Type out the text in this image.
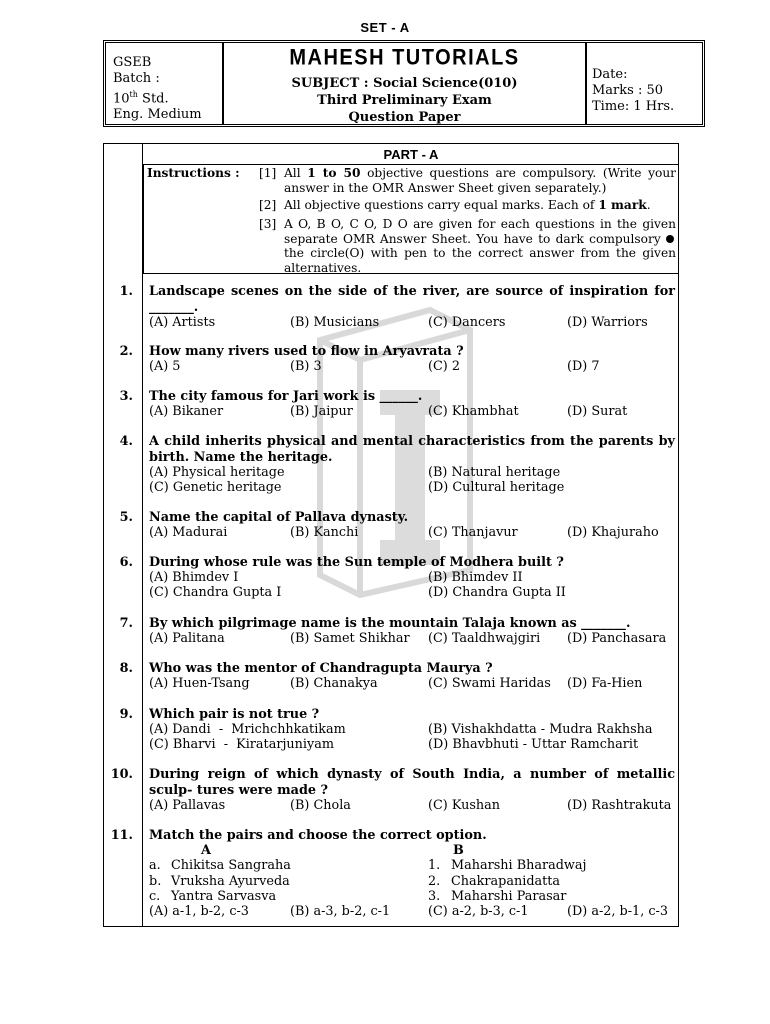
SET - A
GSEB
Batch :
10th Std.
Eng. Medium
MAHESH TUTORIALS
SUBJECT : Social Science(010)
Third Preliminary Exam
Question Paper
Date:
Marks : 50
Time: 1 Hrs.
PART - A
Instructions : [1] All 1 to 50 objective questions are compulsory. (Write your answer in the OMR Answer Sheet given separately.)
[2] All objective questions carry equal marks. Each of 1 mark.
[3] A O, B O, C O, D O are given for each questions in the given separate OMR Answer Sheet. You have to dark compulsory  the circle(O) with pen to the correct answer from the given alternatives.
1. Landscape scenes on the side of the river, are source of inspiration for _______.
(A) Artists	(B) Musicians	(C) Dancers	(D) Warriors
2. How many rivers used to flow in Aryavrata ?
(A) 5	(B) 3	(C) 2	(D) 7
3. The city famous for Jari work is ______.
(A) Bikaner	(B) Jaipur	(C) Khambhat	(D) Surat
4. A child inherits physical and mental characteristics from the parents by birth. Name the heritage.
(A) Physical heritage	(B) Natural heritage
(C) Genetic heritage	(D) Cultural heritage
5. Name the capital of Pallava dynasty.
(A) Madurai	(B) Kanchi	(C) Thanjavur	(D) Khajuraho
6. During whose rule was the Sun temple of Modhera built ?
(A) Bhimdev I	(B) Bhimdev II
(C) Chandra Gupta I	(D) Chandra Gupta II
7. By which pilgrimage name is the mountain Talaja known as _______.
(A) Palitana	(B) Samet Shikhar (C) Taaldhwajgiri (D) Panchasara
8. Who was the mentor of Chandragupta Maurya ?
(A) Huen-Tsang	(B) Chanakya	(C) Swami Haridas (D) Fa-Hien
9. Which pair is not true ?
(A) Dandi  -  Mrichchhkatikam	(B) Vishakhdatta - Mudra Rakhsha
(C) Bharvi  -  Kiratarjuniyam	(D) Bhavbhuti - Uttar Ramcharit
10. During reign of which dynasty of South India, a number of metallic sculp- tures were made ?
(A) Pallavas	(B) Chola	(C) Kushan	(D) Rashtrakuta
11. Match the pairs and choose the correct option.
A	B
a. Chikitsa Sangraha	1. Maharshi Bharadwaj
b. Vruksha Ayurveda	2. Chakrapanidatta
c. Yantra Sarvasva	3. Maharshi Parasar
(A) a-1, b-2, c-3	(B) a-3, b-2, c-1	(C) a-2, b-3, c-1	(D) a-2, b-1, c-3
